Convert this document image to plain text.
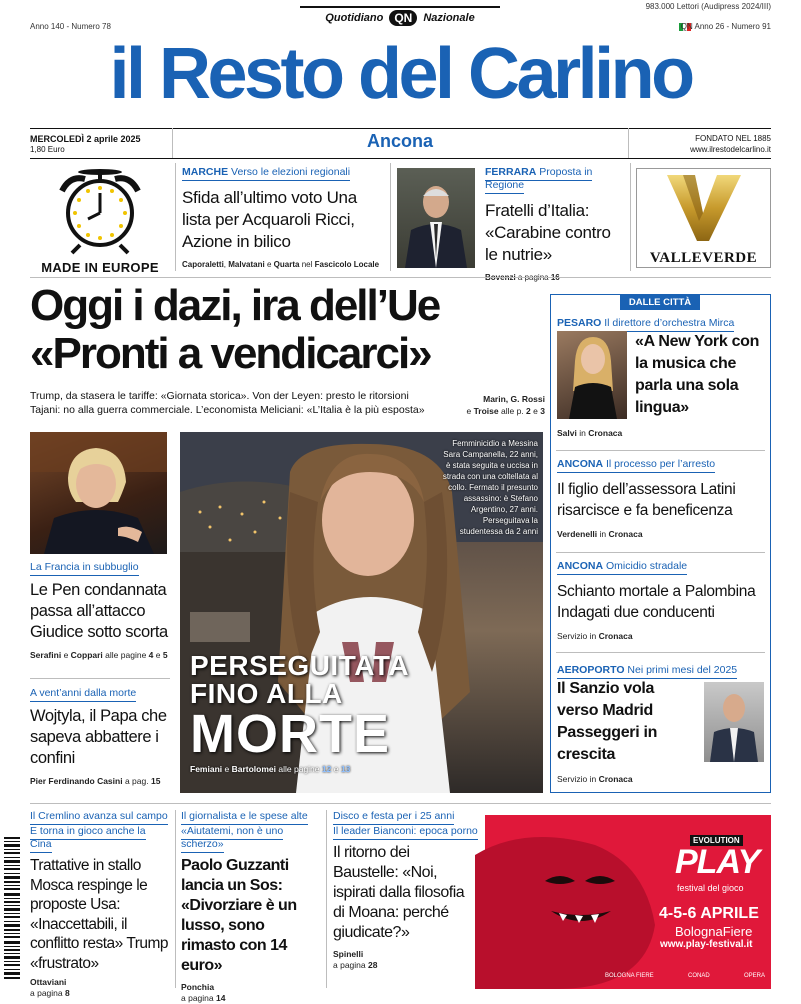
Anno 140 - Numero 78
Quotidiano QN	Nazionale
983.000 Lettori (Audipress 2024/III)
QN Anno 26 - Numero 91
il Resto del Carlino
MERCOLEDÌ 2 aprile 2025
1,80 Euro	Ancona	FONDATO NEL 1885
www.ilrestodelcarlino.it
MADE IN EUROPE
MARCHE Verso le elezioni regionali
Sfida all’ultimo voto Una lista per Acquaroli Ricci, Azione in bilico
Caporaletti, Malvatani e Quarta nel Fascicolo Locale
FERRARA Proposta in Regione
Fratelli d’Italia: «Carabine contro le nutrie»	VALLEVERDE
Oggi i dazi, ira dell’Ue
«Pronti a vendicarci»
Trump, da stasera le tariffe: «Giornata storica». Von der Leyen: presto le ritorsioni
Tajani: no alla guerra commerciale. L’economista Meliciani: «L’Italia è la più esposta»
Marin, G. Rossi
e Troise alle p. 2 e 3
La Francia in subbuglio
Le Pen condannata passa all’attacco Giudice sotto scorta
Serafini e Coppari alle pagine 4 e 5
A vent’anni dalla morte
Wojtyla, il Papa che sapeva abbattere i confini
Pier Ferdinando Casini a pag. 15
Femminicidio a Messina Sara Campanella, 22 anni, è stata seguita e uccisa in strada con una coltellata al collo. Fermato il presunto assassino: è Stefano Argentino, 27 anni. Perseguitava la studentessa da 2 anni
PERSEGUITATA
FINO ALLA
MORTE
Femiani e Bartolomei alle pagine 12 e 13
DALLE CITTÀ
PESARO Il direttore d’orchestra Mirca
«A New York con la musica che parla una sola lingua»
Salvi in Cronaca
ANCONA Il processo per l’arresto
Il figlio dell’assessora Latini risarcisce e fa beneficenza
Verdenelli in Cronaca
ANCONA Omicidio stradale
Schianto mortale a Palombina Indagati due conducenti
Servizio in Cronaca
AEROPORTO Nei primi mesi del 2025
Il Sanzio vola verso Madrid Passeggeri in crescita
Servizio in Cronaca
Il Cremlino avanza sul campo
E torna in gioco anche la Cina
Trattative in stallo Mosca respinge le proposte Usa: «Inaccettabili, il conflitto resta» Trump «frustrato»
Ottaviani
a pagina 8
Il giornalista e le spese alte
«Aiutatemi, non è uno scherzo»
Paolo Guzzanti lancia un Sos: «Divorziare è un lusso, sono rimasto con 14 euro»
Ponchia
a pagina 14
Disco e festa per i 25 anni
Il leader Bianconi: epoca porno
Il ritorno dei Baustelle: «Noi, ispirati dalla filosofia di Moana: perché giudicate?»
Spinelli
a pagina 28
EVOLUTION
PLAY
festival del gioco
4-5-6 APRILE
BolognaFiere
www.play-festival.it
BOLOGNA FIERE	CONAD	OPERA
